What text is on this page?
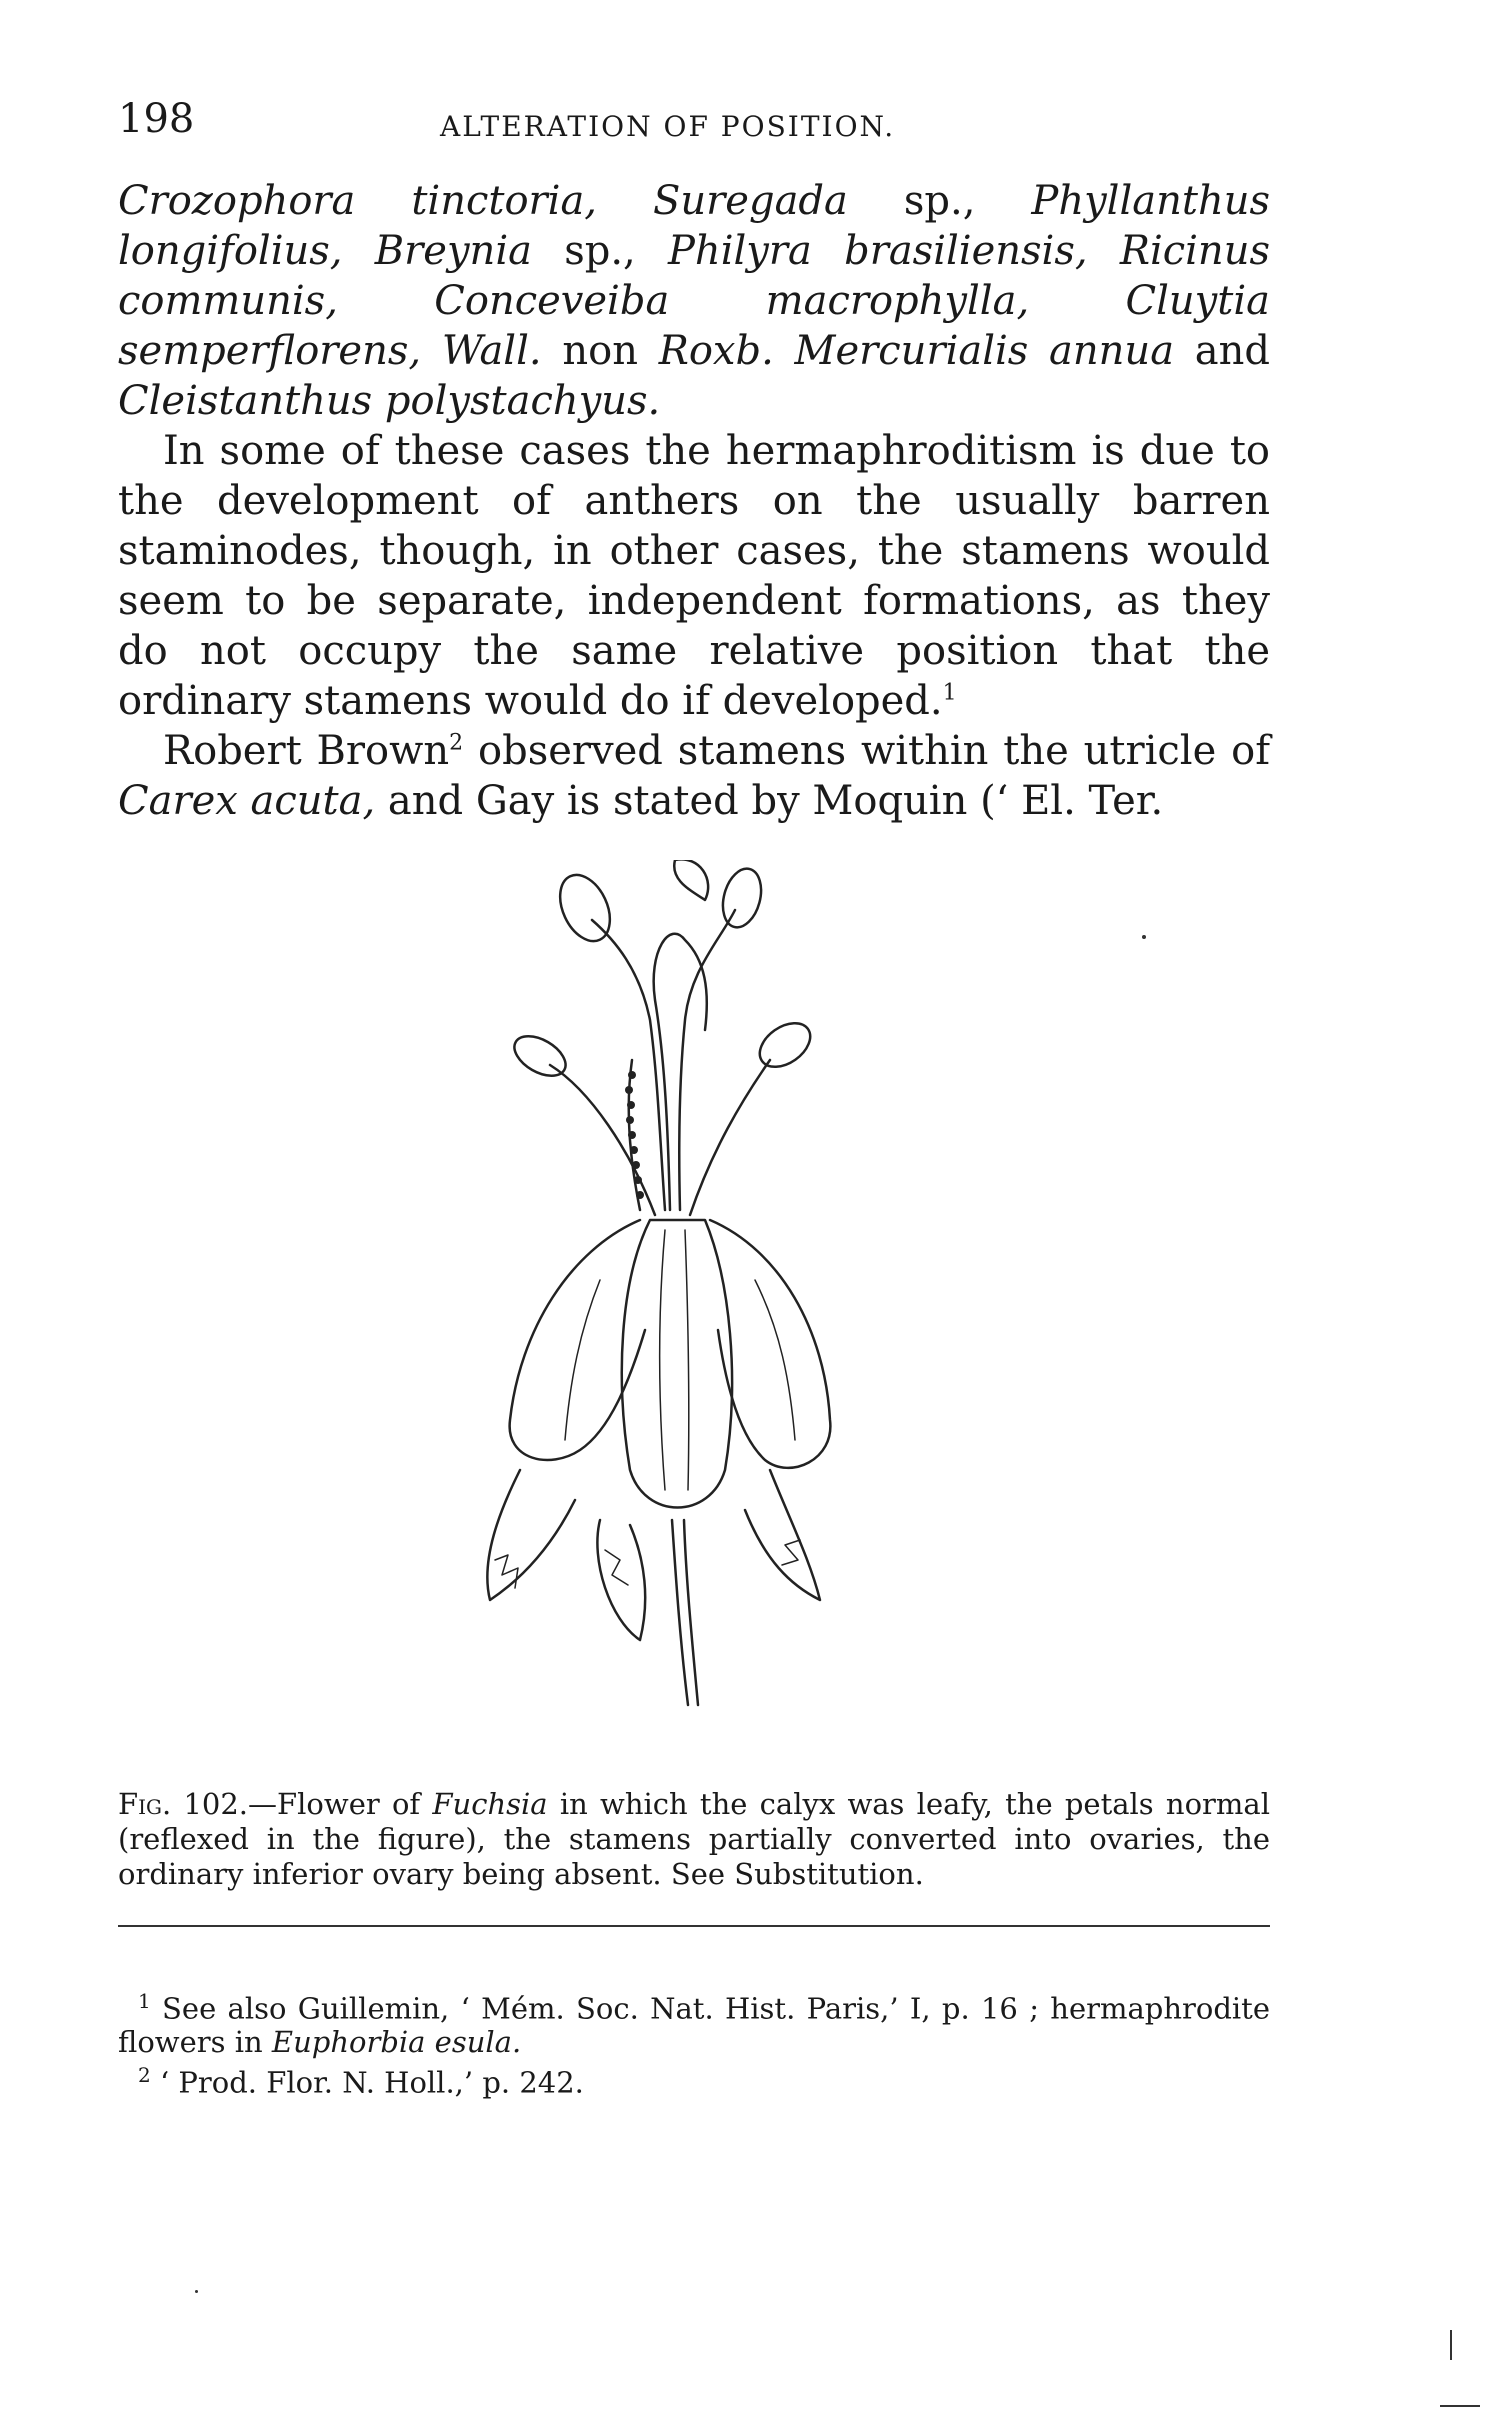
198	ALTERATION OF POSITION.

Crozophora tinctoria, Suregada sp., Phyllanthus longifolius, Breynia sp., Philyra brasiliensis, Ricinus communis, Conceveiba macrophylla, Cluytia semperflorens, Wall. non Roxb. Mercurialis annua and Cleistanthus polystachyus.

In some of these cases the hermaphroditism is due to the development of anthers on the usually barren staminodes, though, in other cases, the stamens would seem to be separate, independent formations, as they do not occupy the same relative position that the ordinary stamens would do if developed.$^1$

Robert Brown$^2$ observed stamens within the utricle of Carex acuta, and Gay is stated by Moquin (‘ El. Ter.

Fig. 102.—Flower of Fuchsia in which the calyx was leafy, the petals normal (reflexed in the figure), the stamens partially converted into ovaries, the ordinary inferior ovary being absent. See Substitution.

$^1$ See also Guillemin, ‘ Mém. Soc. Nat. Hist. Paris,’ I, p. 16 ; hermaphrodite flowers in Euphorbia esula.

$^2$ ‘ Prod. Flor. N. Holl.,’ p. 242.
